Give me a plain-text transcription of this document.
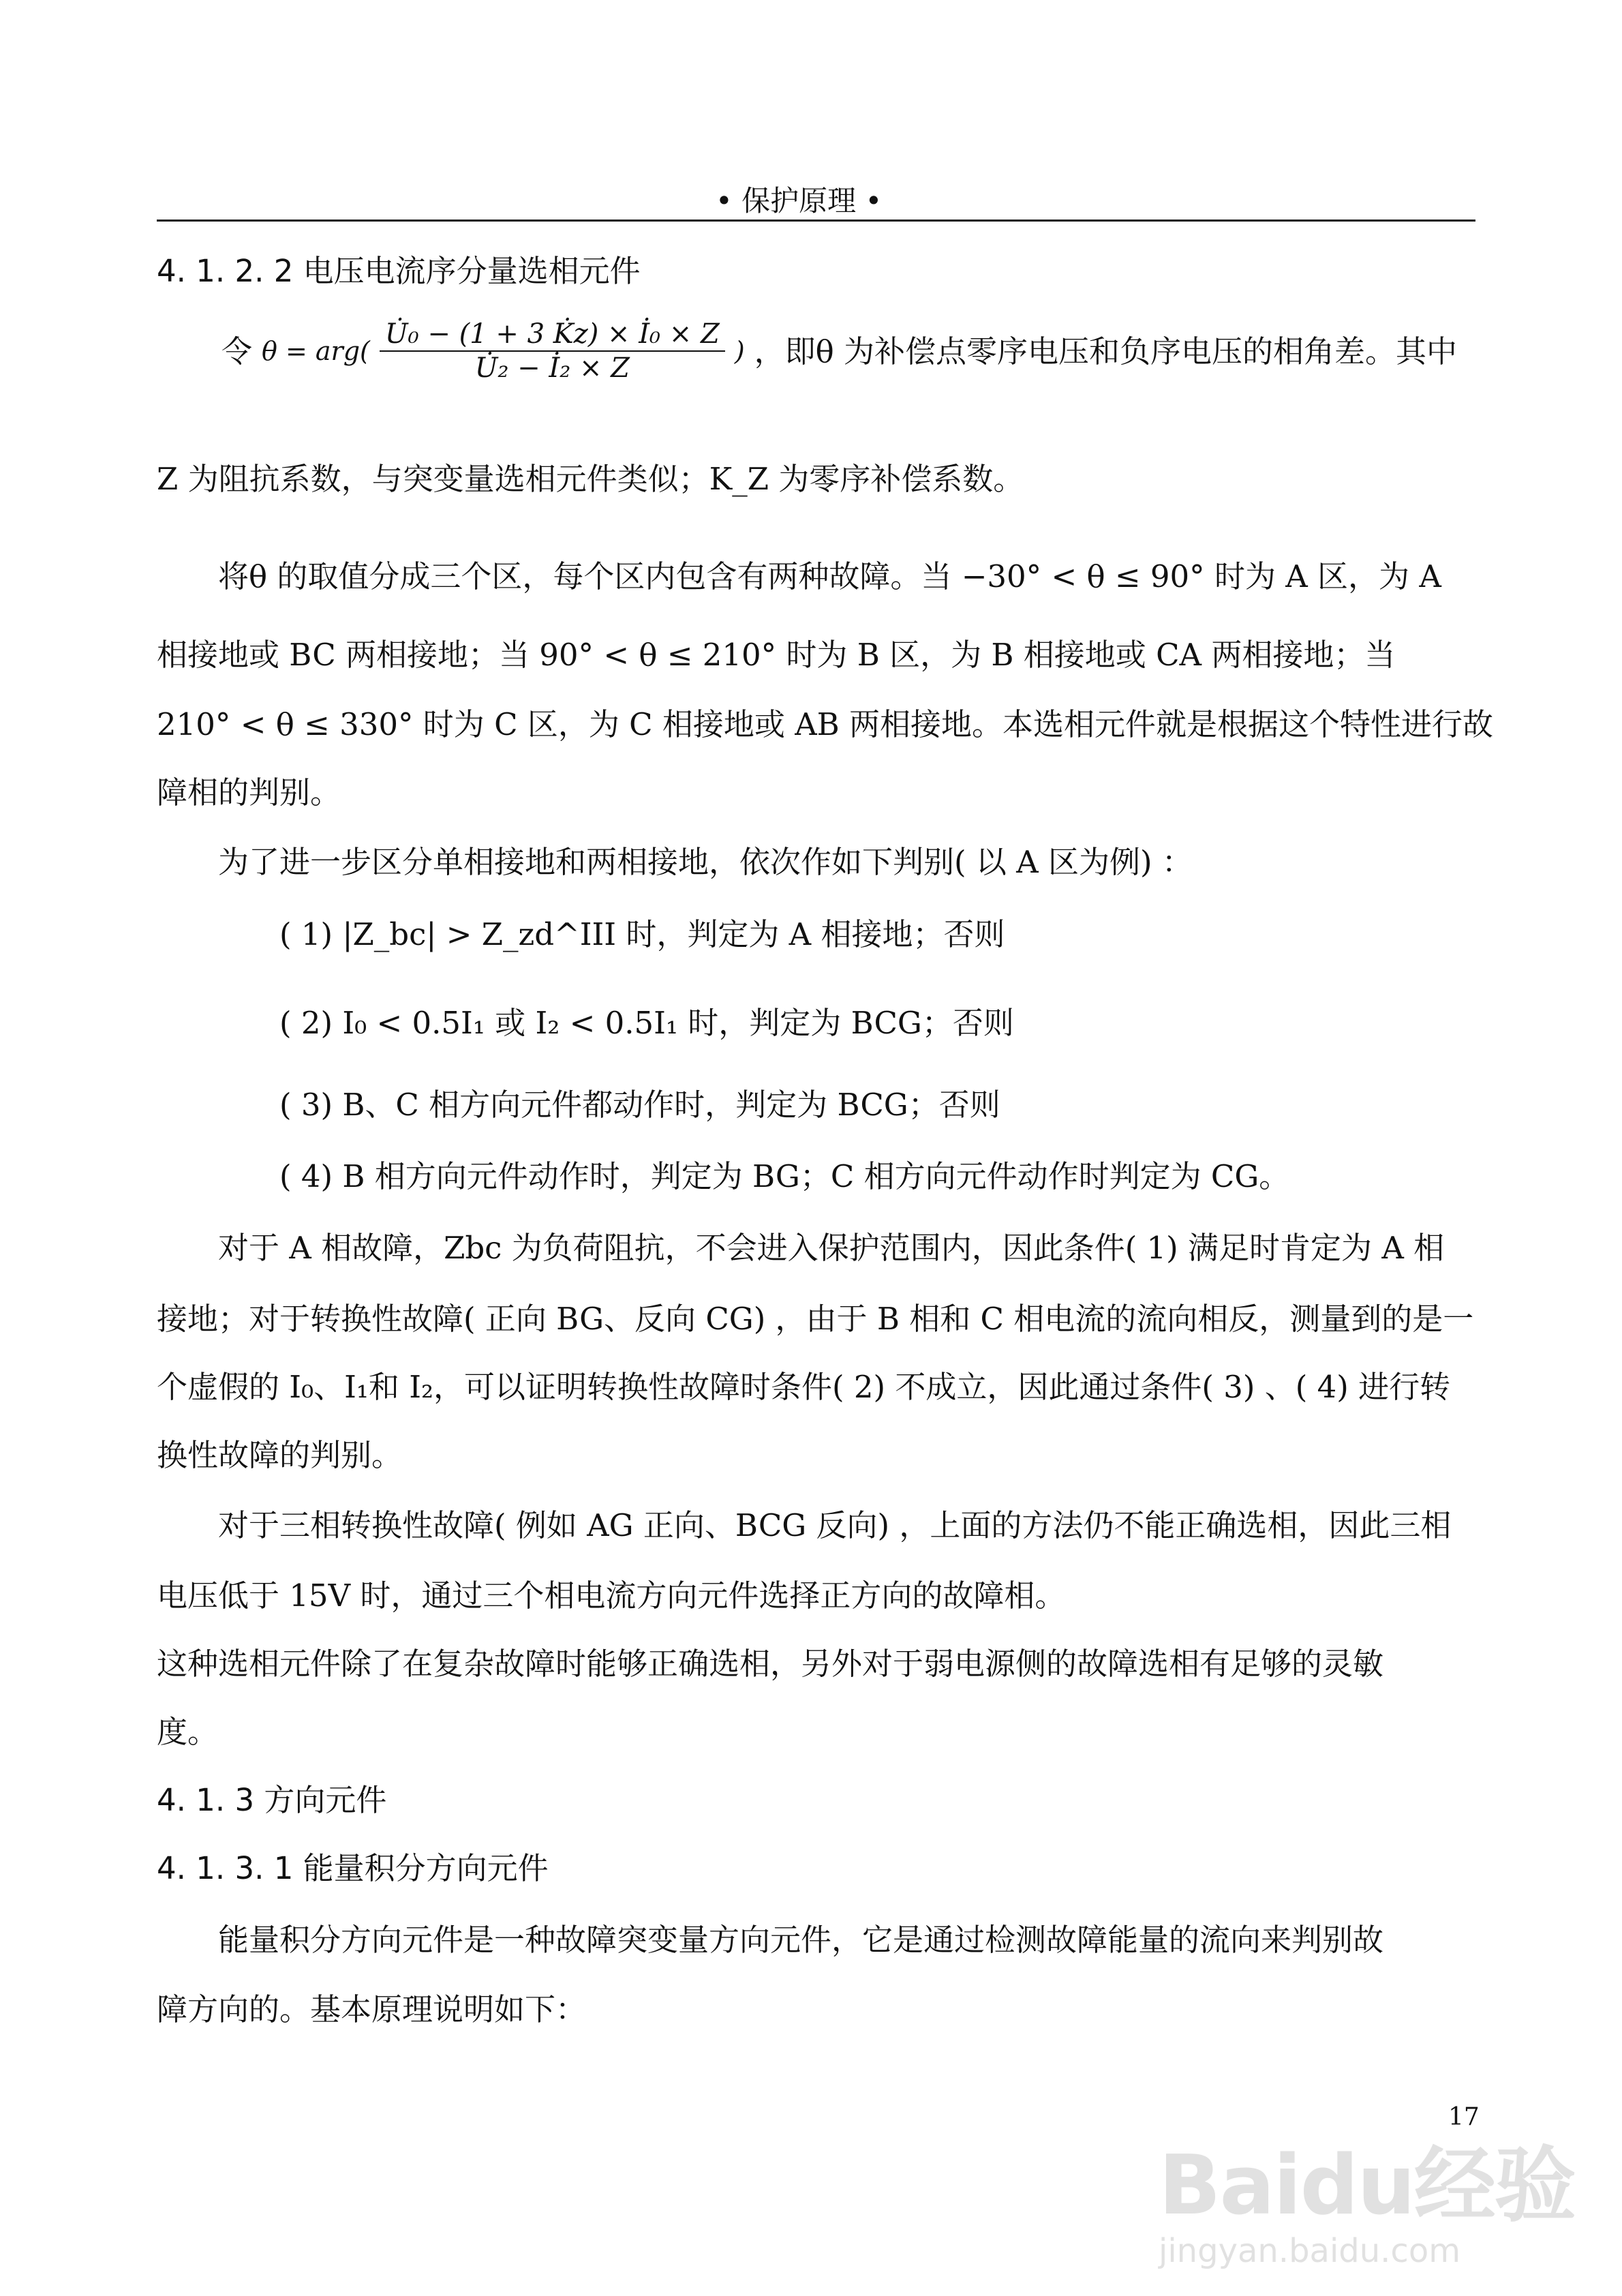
• 保护原理 •
4. 1. 2. 2 电压电流序分量选相元件
令 $\theta = arg( \frac{\text{U̇₀ − (1 + 3 K̇z) × İ₀ × Z}}{\text{U̇₂ − İ₂ × Z}}$ ) ，即θ 为补偿点零序电压和负序电压的相角差。其中
Z 为阻抗系数，与突变量选相元件类似；K_Z 为零序补偿系数。
将θ 的取值分成三个区，每个区内包含有两种故障。当 −30° < θ ≤ 90° 时为 A 区，为 A
相接地或 BC 两相接地；当 90° < θ ≤ 210° 时为 B 区，为 B 相接地或 CA 两相接地；当
210° < θ ≤ 330° 时为 C 区，为 C 相接地或 AB 两相接地。本选相元件就是根据这个特性进行故
障相的判别。
为了进一步区分单相接地和两相接地，依次作如下判别( 以 A 区为例) ：
( 1) |Z_bc| > Z_zd^III 时，判定为 A 相接地；否则
( 2) I₀ < 0.5I₁ 或 I₂ < 0.5I₁ 时，判定为 BCG；否则
( 3) B、C 相方向元件都动作时，判定为 BCG；否则
( 4) B 相方向元件动作时，判定为 BG；C 相方向元件动作时判定为 CG。
对于 A 相故障，Zbc 为负荷阻抗，不会进入保护范围内，因此条件( 1) 满足时肯定为 A 相
接地；对于转换性故障( 正向 BG、反向 CG) ，由于 B 相和 C 相电流的流向相反，测量到的是一
个虚假的 I₀、I₁和 I₂，可以证明转换性故障时条件( 2) 不成立，因此通过条件( 3) 、( 4) 进行转
换性故障的判别。
对于三相转换性故障( 例如 AG 正向、BCG 反向) ，上面的方法仍不能正确选相，因此三相
电压低于 15V 时，通过三个相电流方向元件选择正方向的故障相。
这种选相元件除了在复杂故障时能够正确选相，另外对于弱电源侧的故障选相有足够的灵敏
度。
4. 1. 3 方向元件
4. 1. 3. 1 能量积分方向元件
能量积分方向元件是一种故障突变量方向元件，它是通过检测故障能量的流向来判别故
障方向的。基本原理说明如下：
17
Baidu经验
jingyan.baidu.com
